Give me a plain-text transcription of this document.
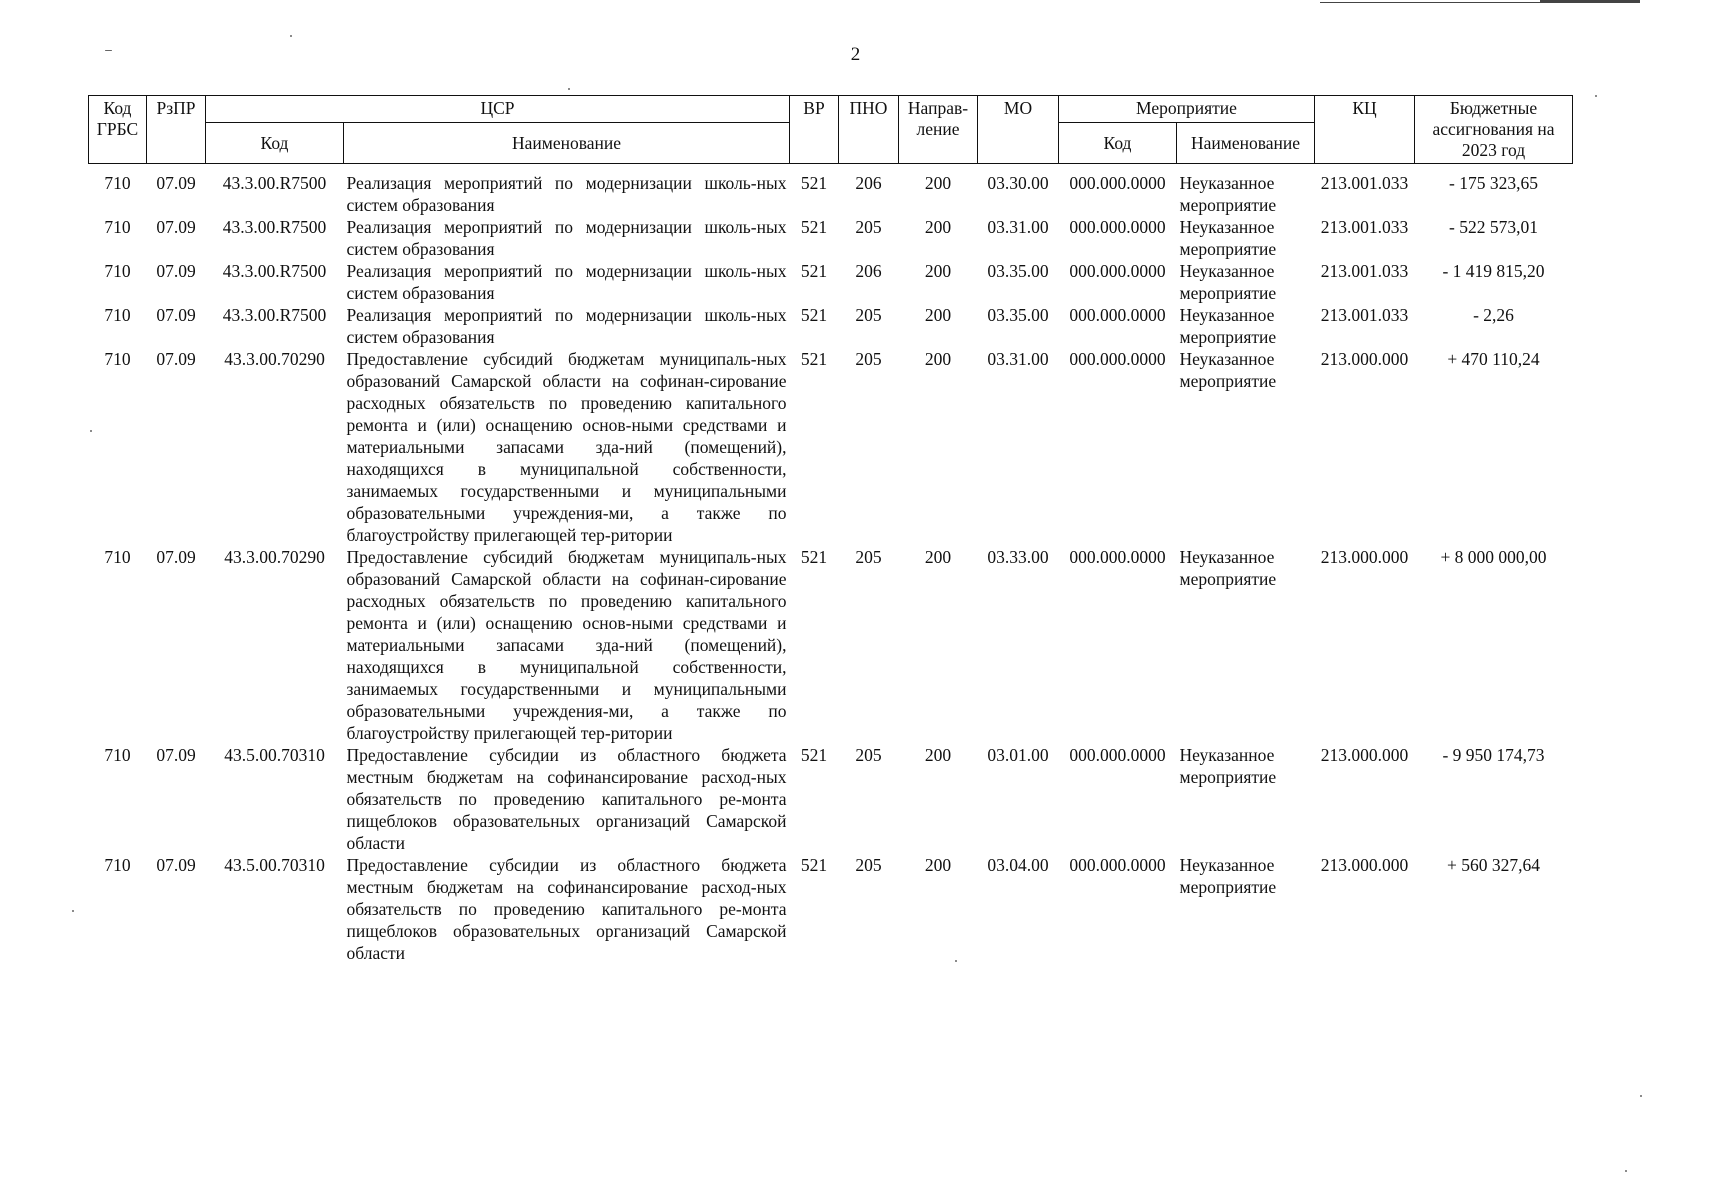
2
Код ГРБС	РзПР	ЦСР		ВР	ПНО	Направ-ление	МО	Мероприятие		КЦ	Бюджетные ассигнования на 2023 год
		Код	Наименование					Код	Наименование		
710	07.09	43.3.00.R7500	Реализация мероприятий по модернизации школь-ных систем образования	521	206	200	03.30.00	000.000.0000	Неуказанное мероприятие	213.001.033	- 175 323,65
710	07.09	43.3.00.R7500	Реализация мероприятий по модернизации школь-ных систем образования	521	205	200	03.31.00	000.000.0000	Неуказанное мероприятие	213.001.033	- 522 573,01
710	07.09	43.3.00.R7500	Реализация мероприятий по модернизации школь-ных систем образования	521	206	200	03.35.00	000.000.0000	Неуказанное мероприятие	213.001.033	- 1 419 815,20
710	07.09	43.3.00.R7500	Реализация мероприятий по модернизации школь-ных систем образования	521	205	200	03.35.00	000.000.0000	Неуказанное мероприятие	213.001.033	- 2,26
710	07.09	43.3.00.70290	Предоставление субсидий бюджетам муниципаль-ных образований Самарской области на софинан-сирование расходных обязательств по проведению капитального ремонта и (или) оснащению основ-ными средствами и материальными запасами зда-ний (помещений), находящихся в муниципальной собственности, занимаемых государственными и муниципальными образовательными учреждения-ми, а также по благоустройству прилегающей тер-ритории	521	205	200	03.31.00	000.000.0000	Неуказанное мероприятие	213.000.000	+ 470 110,24
710	07.09	43.3.00.70290	Предоставление субсидий бюджетам муниципаль-ных образований Самарской области на софинан-сирование расходных обязательств по проведению капитального ремонта и (или) оснащению основ-ными средствами и материальными запасами зда-ний (помещений), находящихся в муниципальной собственности, занимаемых государственными и муниципальными образовательными учреждения-ми, а также по благоустройству прилегающей тер-ритории	521	205	200	03.33.00	000.000.0000	Неуказанное мероприятие	213.000.000	+ 8 000 000,00
710	07.09	43.5.00.70310	Предоставление субсидии из областного бюджета местным бюджетам на софинансирование расход-ных обязательств по проведению капитального ре-монта пищеблоков образовательных организаций Самарской области	521	205	200	03.01.00	000.000.0000	Неуказанное мероприятие	213.000.000	- 9 950 174,73
710	07.09	43.5.00.70310	Предоставление субсидии из областного бюджета местным бюджетам на софинансирование расход-ных обязательств по проведению капитального ре-монта пищеблоков образовательных организаций Самарской области	521	205	200	03.04.00	000.000.0000	Неуказанное мероприятие	213.000.000	+ 560 327,64
